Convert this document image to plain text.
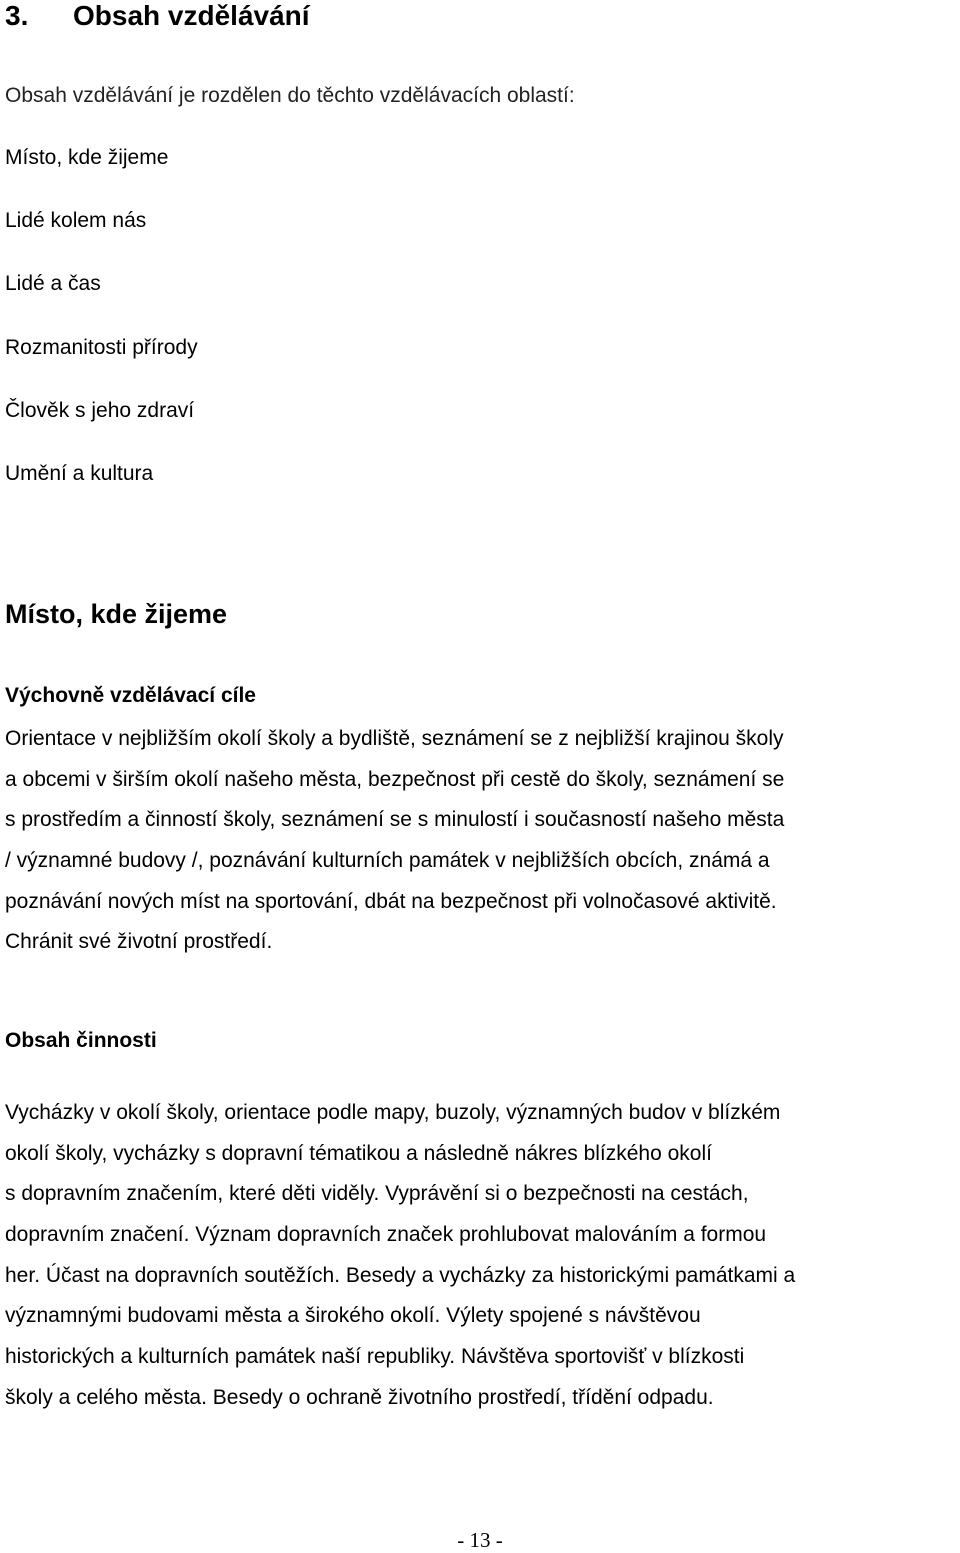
3. Obsah vzdělávání
Obsah vzdělávání je rozdělen do těchto vzdělávacích oblastí:
Místo, kde žijeme
Lidé kolem nás
Lidé a čas
Rozmanitosti přírody
Člověk s jeho zdraví
Umění a kultura
Místo, kde žijeme
Výchovně vzdělávací cíle
Orientace v nejbližším okolí školy a bydliště, seznámení se z nejbližší krajinou školy
a obcemi v širším okolí našeho města, bezpečnost při cestě do školy, seznámení se
s prostředím a činností školy, seznámení se s minulostí i současností našeho města
/ významné budovy /, poznávání kulturních památek v nejbližších obcích, známá a
poznávání nových míst na sportování, dbát na bezpečnost při volnočasové aktivitě.
Chránit své životní prostředí.
Obsah činnosti
Vycházky v okolí školy, orientace podle mapy, buzoly, významných budov v blízkém
okolí školy, vycházky s dopravní tématikou a následně nákres blízkého okolí
s dopravním značením, které děti viděly. Vyprávění si o bezpečnosti na cestách,
dopravním značení. Význam dopravních značek prohlubovat malováním a formou
her. Účast na dopravních soutěžích. Besedy a vycházky za historickými památkami a
významnými budovami města a širokého okolí. Výlety spojené s návštěvou
historických a kulturních památek naší republiky. Návštěva sportovišť v blízkosti
školy a celého města. Besedy o ochraně životního prostředí, třídění odpadu.
- 13 -
